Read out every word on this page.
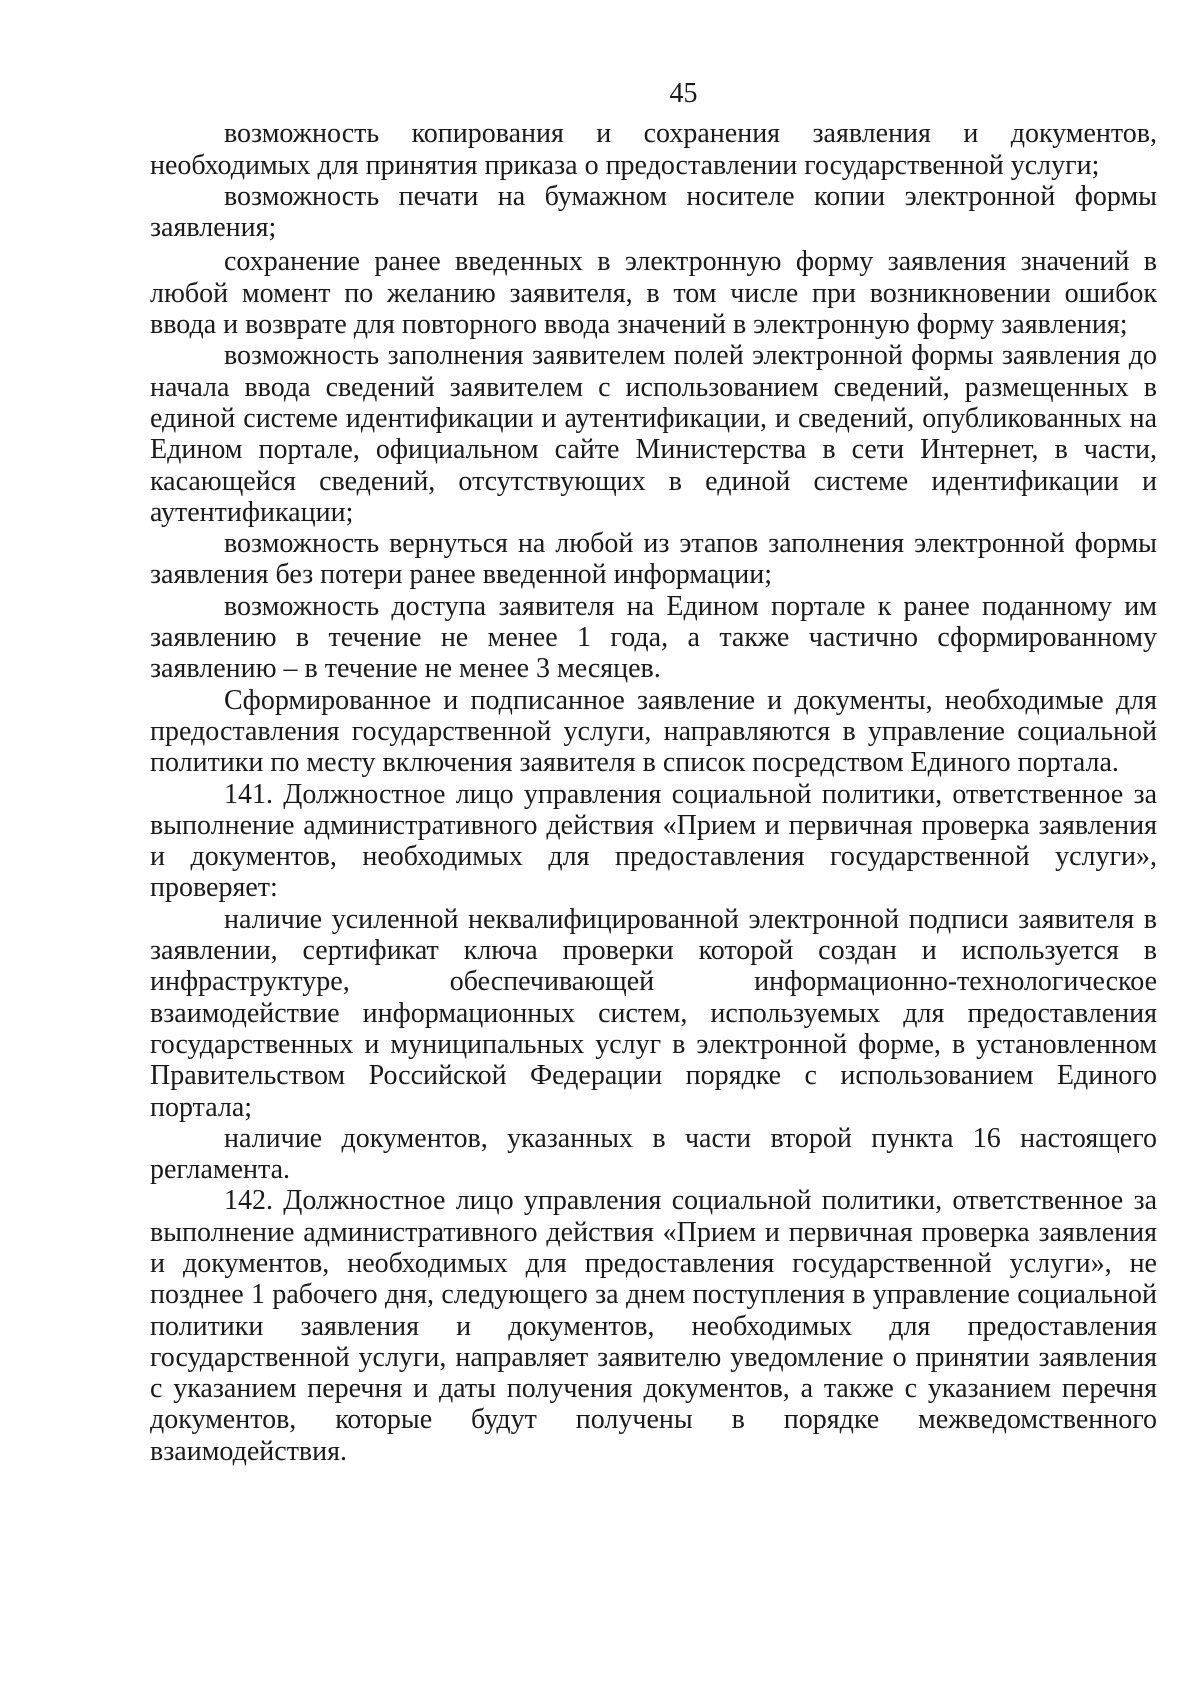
45

возможность копирования и сохранения заявления и документов, необходимых для принятия приказа о предоставлении государственной услуги;

возможность печати на бумажном носителе копии электронной формы заявления;

сохранение ранее введенных в электронную форму заявления значений в любой момент по желанию заявителя, в том числе при возникновении ошибок ввода и возврате для повторного ввода значений в электронную форму заявления;

возможность заполнения заявителем полей электронной формы заявления до начала ввода сведений заявителем с использованием сведений, размещенных в единой системе идентификации и аутентификации, и сведений, опубликованных на Едином портале, официальном сайте Министерства в сети Интернет, в части, касающейся сведений, отсутствующих в единой системе идентификации и аутентификации;

возможность вернуться на любой из этапов заполнения электронной формы заявления без потери ранее введенной информации;

возможность доступа заявителя на Едином портале к ранее поданному им заявлению в течение не менее 1 года, а также частично сформированному заявлению – в течение не менее 3 месяцев.

Сформированное и подписанное заявление и документы, необходимые для предоставления государственной услуги, направляются в управление социальной политики по месту включения заявителя в список посредством Единого портала.

141. Должностное лицо управления социальной политики, ответственное за выполнение административного действия «Прием и первичная проверка заявления и документов, необходимых для предоставления государственной услуги», проверяет:

наличие усиленной неквалифицированной электронной подписи заявителя в заявлении, сертификат ключа проверки которой создан и используется в инфраструктуре, обеспечивающей информационно-технологическое взаимодействие информационных систем, используемых для предоставления государственных и муниципальных услуг в электронной форме, в установленном Правительством Российской Федерации порядке с использованием Единого портала;

наличие документов, указанных в части второй пункта 16 настоящего регламента.

142. Должностное лицо управления социальной политики, ответственное за выполнение административного действия «Прием и первичная проверка заявления и документов, необходимых для предоставления государственной услуги», не позднее 1 рабочего дня, следующего за днем поступления в управление социальной политики заявления и документов, необходимых для предоставления государственной услуги, направляет заявителю уведомление о принятии заявления с указанием перечня и даты получения документов, а также с указанием перечня документов, которые будут получены в порядке межведомственного взаимодействия.
